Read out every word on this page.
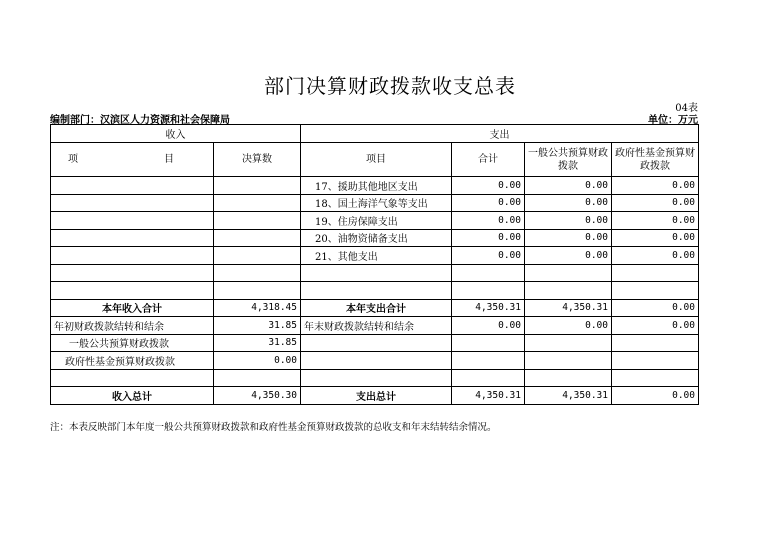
部门决算财政拨款收支总表
04表
编制部门：汉滨区人力资源和社会保障局	单位：万元
收入		支出			
项　　目	决算数	项目	合计	一般公共预算财政拨款	政府性基金预算财政拨款
		17、援助其他地区支出	0.00	0.00	0.00
		18、国土海洋气象等支出	0.00	0.00	0.00
		19、住房保障支出	0.00	0.00	0.00
		20、油物资储备支出	0.00	0.00	0.00
		21、其他支出	0.00	0.00	0.00

本年收入合计	4,318.45	本年支出合计	4,350.31	4,350.31	0.00
年初财政拨款结转和结余	31.85	年末财政拨款结转和结余	0.00	0.00	0.00
一般公共预算财政拨款	31.85				
政府性基金预算财政拨款	0.00				

收入总计	4,350.30	支出总计	4,350.31	4,350.31	0.00
注：本表反映部门本年度一般公共预算财政拨款和政府性基金预算财政拨款的总收支和年末结转结余情况。
